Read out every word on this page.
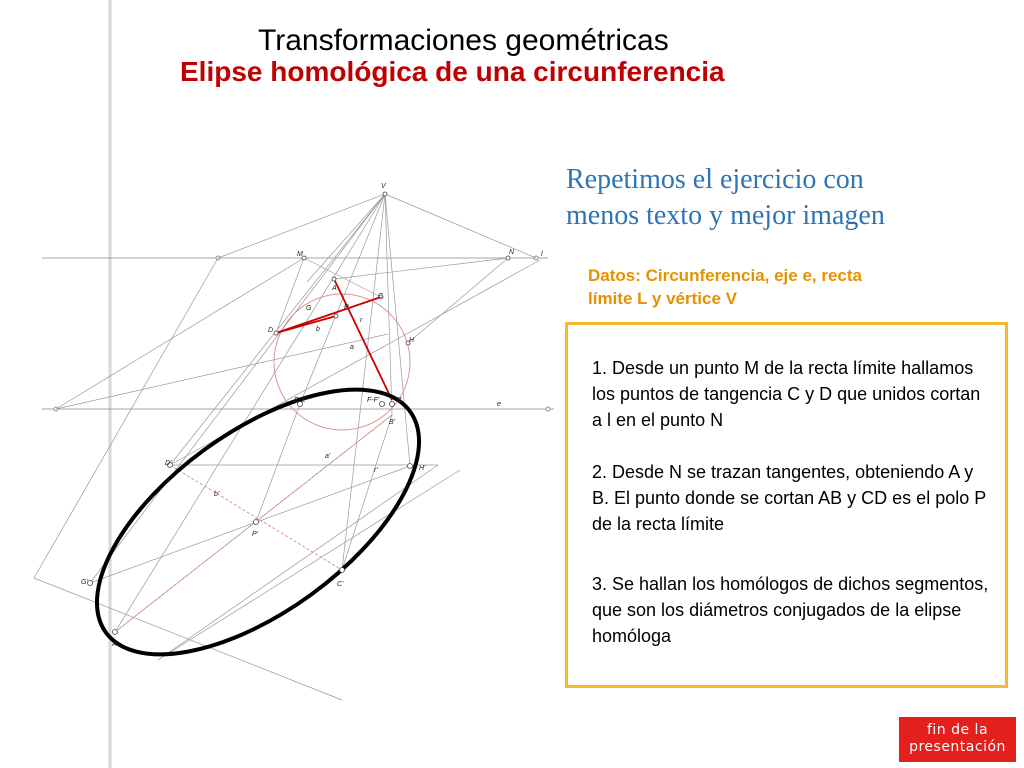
Transformaciones geométricas
Elipse homológica de una circunferencia
V
M	N	l
A
C
G	P
r
D	b
a
H
E-E'	F-F'	B
e
B'
D'
a'
r'	H'
b'
P'
G'	C'
A'
Repetimos el ejercicio con
menos texto y mejor imagen
Datos: Circunferencia, eje e, recta
límite L y vértice V

1. Desde un punto M de la recta límite hallamos los puntos de tangencia C y D que unidos cortan a l en el punto N

2. Desde N se trazan tangentes, obteniendo A y B. El punto donde se cortan AB y CD es el polo P de la recta límite

3. Se hallan los homólogos de dichos segmentos, que son los diámetros conjugados de la elipse homóloga

fin de la
presentación
